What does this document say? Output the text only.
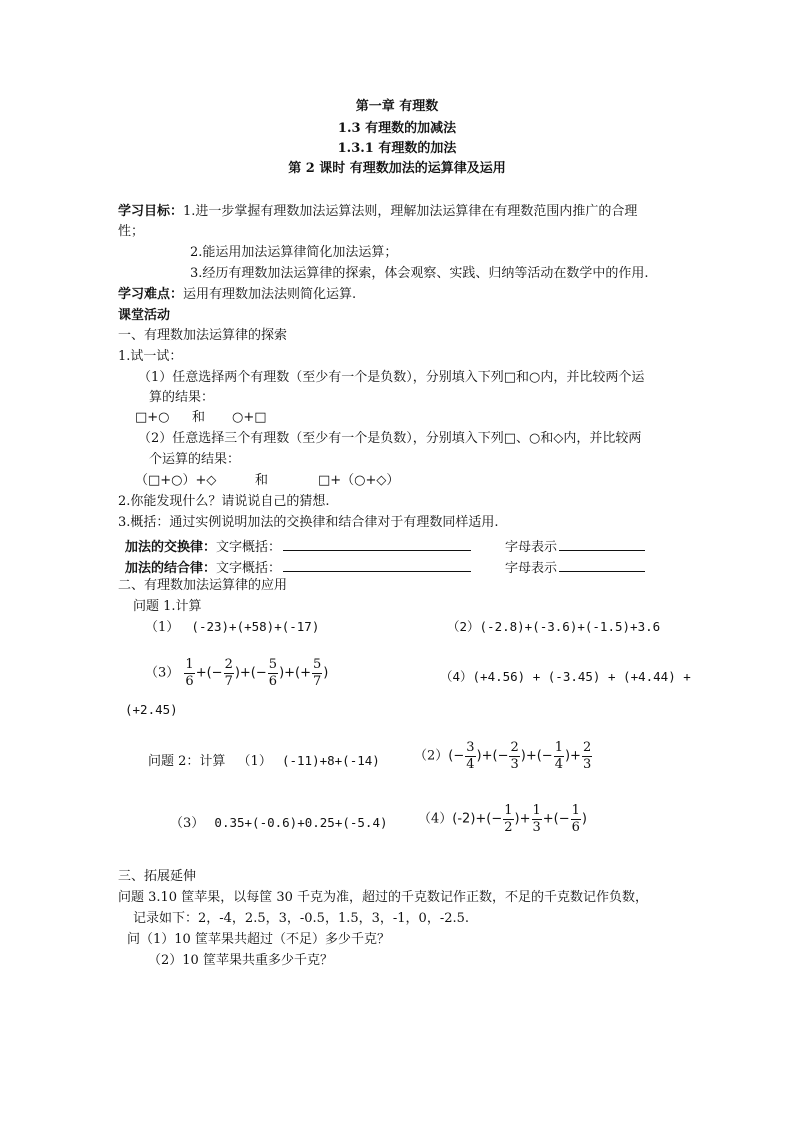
第一章 有理数
1.3 有理数的加减法
1.3.1 有理数的加法
第 2 课时 有理数加法的运算律及运用
学习目标：1.进一步掌握有理数加法运算法则，理解加法运算律在有理数范围内推广的合理
性；
2.能运用加法运算律简化加法运算；
3.经历有理数加法运算律的探索，体会观察、实践、归纳等活动在数学中的作用.
学习难点：运用有理数加法法则简化运算.
课堂活动
一、有理数加法运算律的探索
1.试一试：
（1）任意选择两个有理数（至少有一个是负数），分别填入下列□和○内，并比较两个运
算的结果：
□+○ 和 ○+□
（2）任意选择三个有理数（至少有一个是负数），分别填入下列□、○和◇内，并比较两
个运算的结果：
（□+○）+◇	和	□+（○+◇）
2.你能发现什么？请说说自己的猜想.
3.概括：通过实例说明加法的交换律和结合律对于有理数同样适用.
加法的交换律：文字概括：	字母表示
加法的结合律：文字概括：	字母表示
二、有理数加法运算律的应用
问题 1.计算
（1） (-23)+(+58)+(-17)	（2）(-2.8)+(-3.6)+(-1.5)+3.6
$(3) \frac{1}{6}$ +(− $\frac{2}{7}$ )+(− $\frac{5}{6}$ )+(+ $\frac{5}{7}$ )	（4）(+4.56) + (-3.45) + (+4.44) +
(+2.45)
问题 2：计算 （1） (-11)+8+(-14)	$(2)(- \frac{3}{4}$ )+(− $\frac{2}{3}$ )+(− $\frac{1}{4}$ )+ $\frac{2}{3}$
（3） 0.35+(-0.6)+0.25+(-5.4) $(4)(-2)+(- \frac{1}{2}$ )+ $\frac{1}{3}$ +(− $\frac{1}{6}$ )
三、拓展延伸
问题 3.10 筐苹果，以每筐 30 千克为准，超过的千克数记作正数，不足的千克数记作负数，
记录如下：2，-4，2.5，3，-0.5，1.5，3，-1，0，-2.5.
问（1）10 筐苹果共超过（不足）多少千克？
（2）10 筐苹果共重多少千克？
